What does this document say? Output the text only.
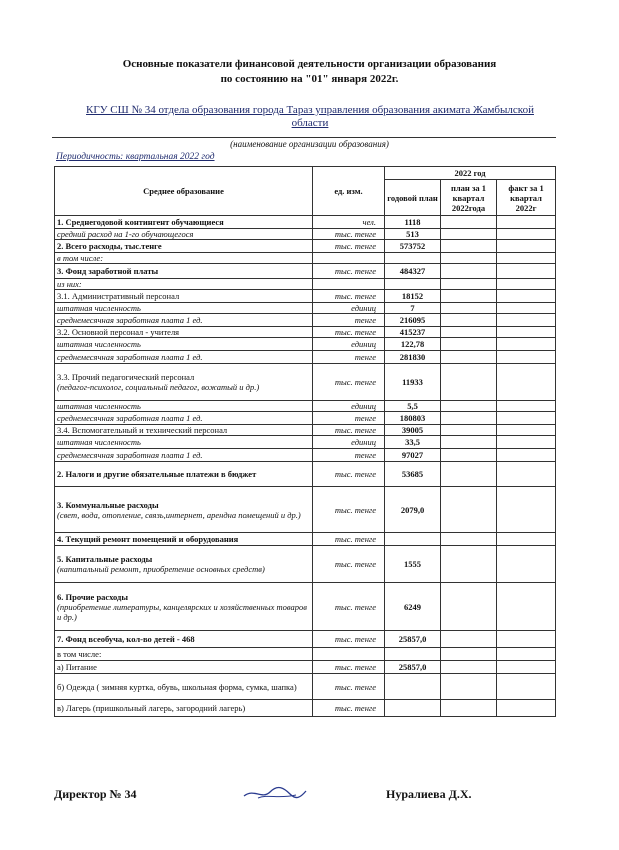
Основные показатели финансовой деятельности организации образования
по состоянию на "01" января 2022г.
КГУ СШ № 34 отдела образования города Тараз управления образования акимата Жамбылской
области
(наименование организации образования)
Периодичность: квартальная 2022 год
Среднее образование	ед. изм.	2022 год		
		годовой план	план за 1 квартал 2022года	факт за 1 квартал 2022г
1. Среднегодовой контингент обучающиеся	чел.	1118		
средний расход на 1-го обучающегося	тыс. тенге	513		
2. Всего расходы, тыс.тенге	тыс. тенге	573752		
в том числе:				
3. Фонд заработной платы	тыс. тенге	484327		
из них:				
3.1. Административный персонал	тыс. тенге	18152		
штатная численность	единиц	7		
среднемесячная заработная плата 1 ед.	тенге	216095		
3.2. Основной персонал - учителя	тыс. тенге	415237		
штатная численность	единиц	122,78		
среднемесячная заработная плата 1 ед.	тенге	281830		
3.3. Прочий педагогический персонал
(педагог-психолог, социальный педагог, вожатый и др.)	тыс. тенге	11933		
штатная численность	единиц	5,5		
среднемесячная заработная плата 1 ед.	тенге	180803		
3.4. Вспомогательный и технический персонал	тыс. тенге	39005		
штатная численность	единиц	33,5		
среднемесячная заработная плата 1 ед.	тенге	97027		
2. Налоги и другие обязательные платежи в бюджет	тыс. тенге	53685		
3. Коммунальные расходы
(свет, вода, отопление, связь,интернет, арендна помещений и др.)	тыс. тенге	2079,0		
4. Текущий ремонт помещений и оборудования	тыс. тенге			
5. Капитальные расходы
(капитальный ремонт, приобретение основных средств)	тыс. тенге	1555		
6. Прочие расходы
(приобретение литературы, канцелярских и хозяйственных товаров и др.)	тыс. тенге	6249		
7. Фонд всеобуча, кол-во детей - 468	тыс. тенге	25857,0		
в том числе:				
а) Питание	тыс. тенге	25857,0		
б) Одежда ( зимняя куртка, обувь, школьная форма, сумка, шапка)	тыс. тенге			
в) Лагерь (пришкольный лагерь, загородний лагерь)	тыс. тенге			
Директор № 34	Нуралиева Д.Х.
